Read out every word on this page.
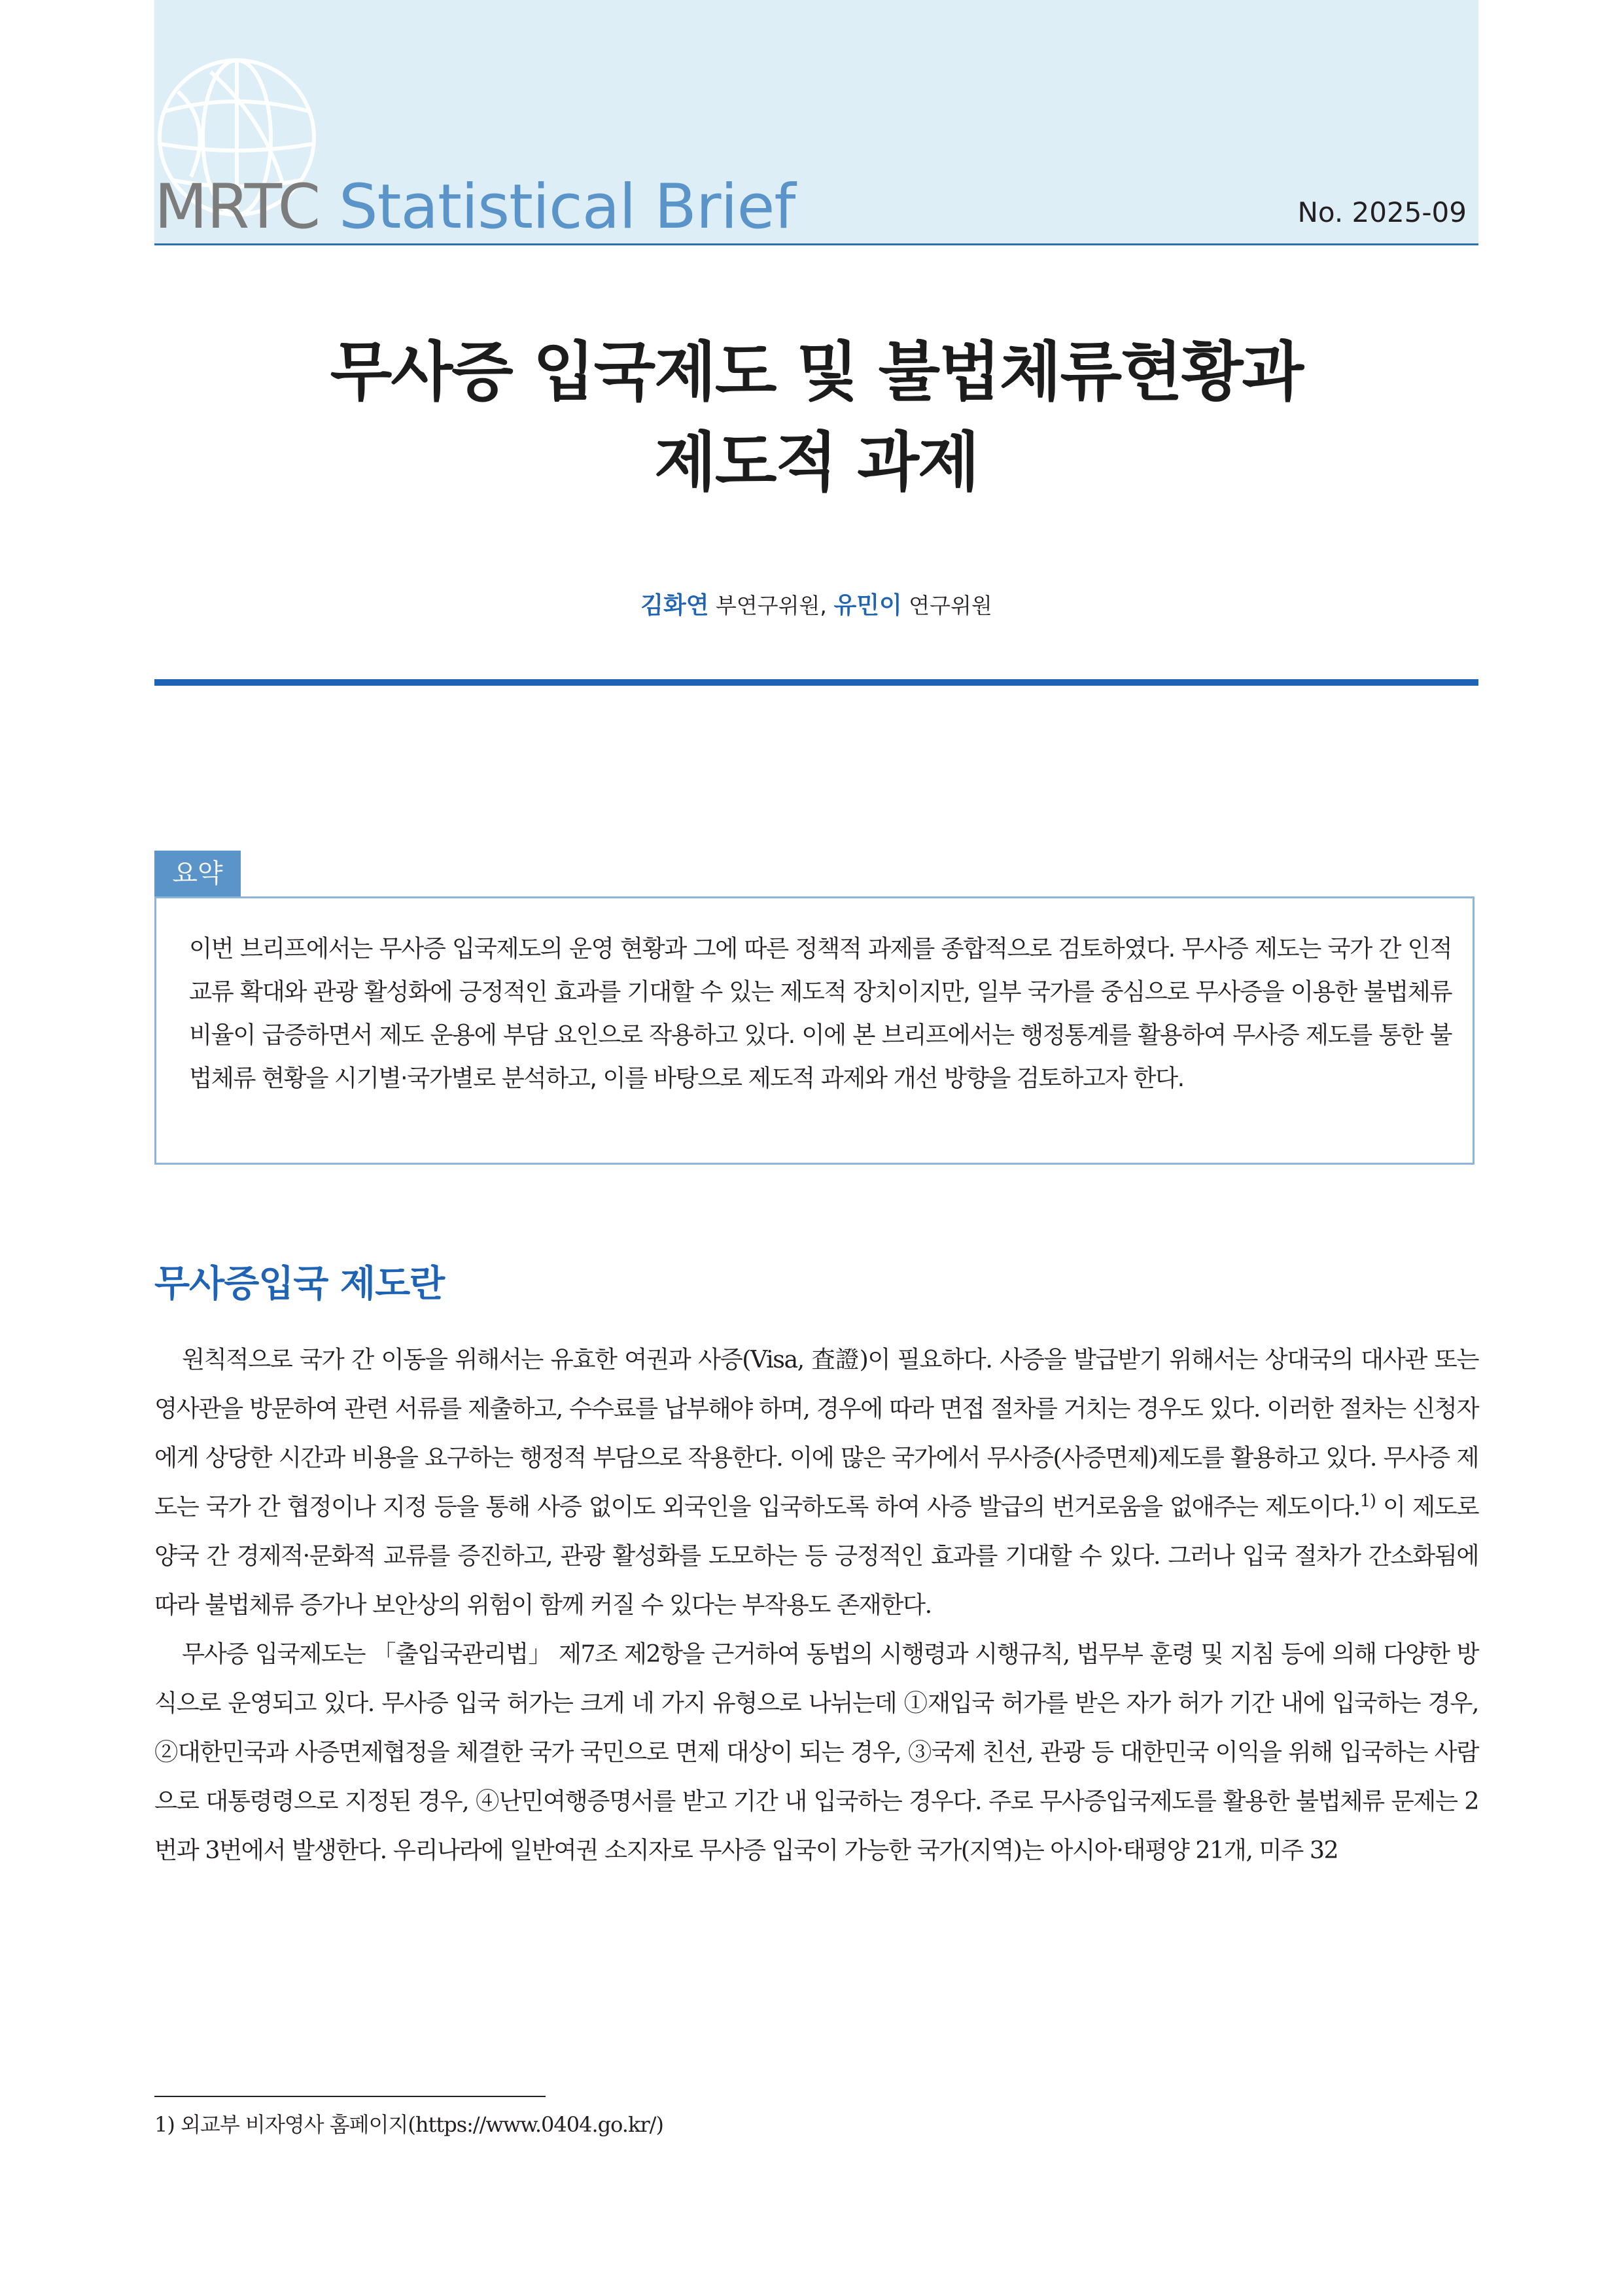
MRTC Statistical Brief	No. 2025-09
무사증 입국제도 및 불법체류현황과
제도적 과제
김화연 부연구위원, 유민이 연구위원
요약
이번 브리프에서는 무사증 입국제도의 운영 현황과 그에 따른 정책적 과제를 종합적으로 검토하였다. 무사증 제도는 국가 간 인적 교류 확대와 관광 활성화에 긍정적인 효과를 기대할 수 있는 제도적 장치이지만, 일부 국가를 중심으로 무사증을 이용한 불법체류 비율이 급증하면서 제도 운용에 부담 요인으로 작용하고 있다. 이에 본 브리프에서는 행정통계를 활용하여 무사증 제도를 통한 불법체류 현황을 시기별·국가별로 분석하고, 이를 바탕으로 제도적 과제와 개선 방향을 검토하고자 한다.
무사증입국 제도란

원칙적으로 국가 간 이동을 위해서는 유효한 여권과 사증(Visa, 査證)이 필요하다. 사증을 발급받기 위해서는 상대국의 대사관 또는 영사관을 방문하여 관련 서류를 제출하고, 수수료를 납부해야 하며, 경우에 따라 면접 절차를 거치는 경우도 있다. 이러한 절차는 신청자에게 상당한 시간과 비용을 요구하는 행정적 부담으로 작용한다. 이에 많은 국가에서 무사증(사증면제)제도를 활용하고 있다. 무사증 제도는 국가 간 협정이나 지정 등을 통해 사증 없이도 외국인을 입국하도록 하여 사증 발급의 번거로움을 없애주는 제도이다.$^{1)}$ 이 제도로 양국 간 경제적·문화적 교류를 증진하고, 관광 활성화를 도모하는 등 긍정적인 효과를 기대할 수 있다. 그러나 입국 절차가 간소화됨에 따라 불법체류 증가나 보안상의 위험이 함께 커질 수 있다는 부작용도 존재한다.

무사증 입국제도는 「출입국관리법」 제7조 제2항을 근거하여 동법의 시행령과 시행규칙, 법무부 훈령 및 지침 등에 의해 다양한 방식으로 운영되고 있다. 무사증 입국 허가는 크게 네 가지 유형으로 나뉘는데 ①재입국 허가를 받은 자가 허가 기간 내에 입국하는 경우, ②대한민국과 사증면제협정을 체결한 국가 국민으로 면제 대상이 되는 경우, ③국제 친선, 관광 등 대한민국 이익을 위해 입국하는 사람으로 대통령령으로 지정된 경우, ④난민여행증명서를 받고 기간 내 입국하는 경우다. 주로 무사증입국제도를 활용한 불법체류 문제는 2번과 3번에서 발생한다. 우리나라에 일반여권 소지자로 무사증 입국이 가능한 국가(지역)는 아시아·태평양 21개, 미주 32

1) 외교부 비자영사 홈페이지(https://www.0404.go.kr/)
